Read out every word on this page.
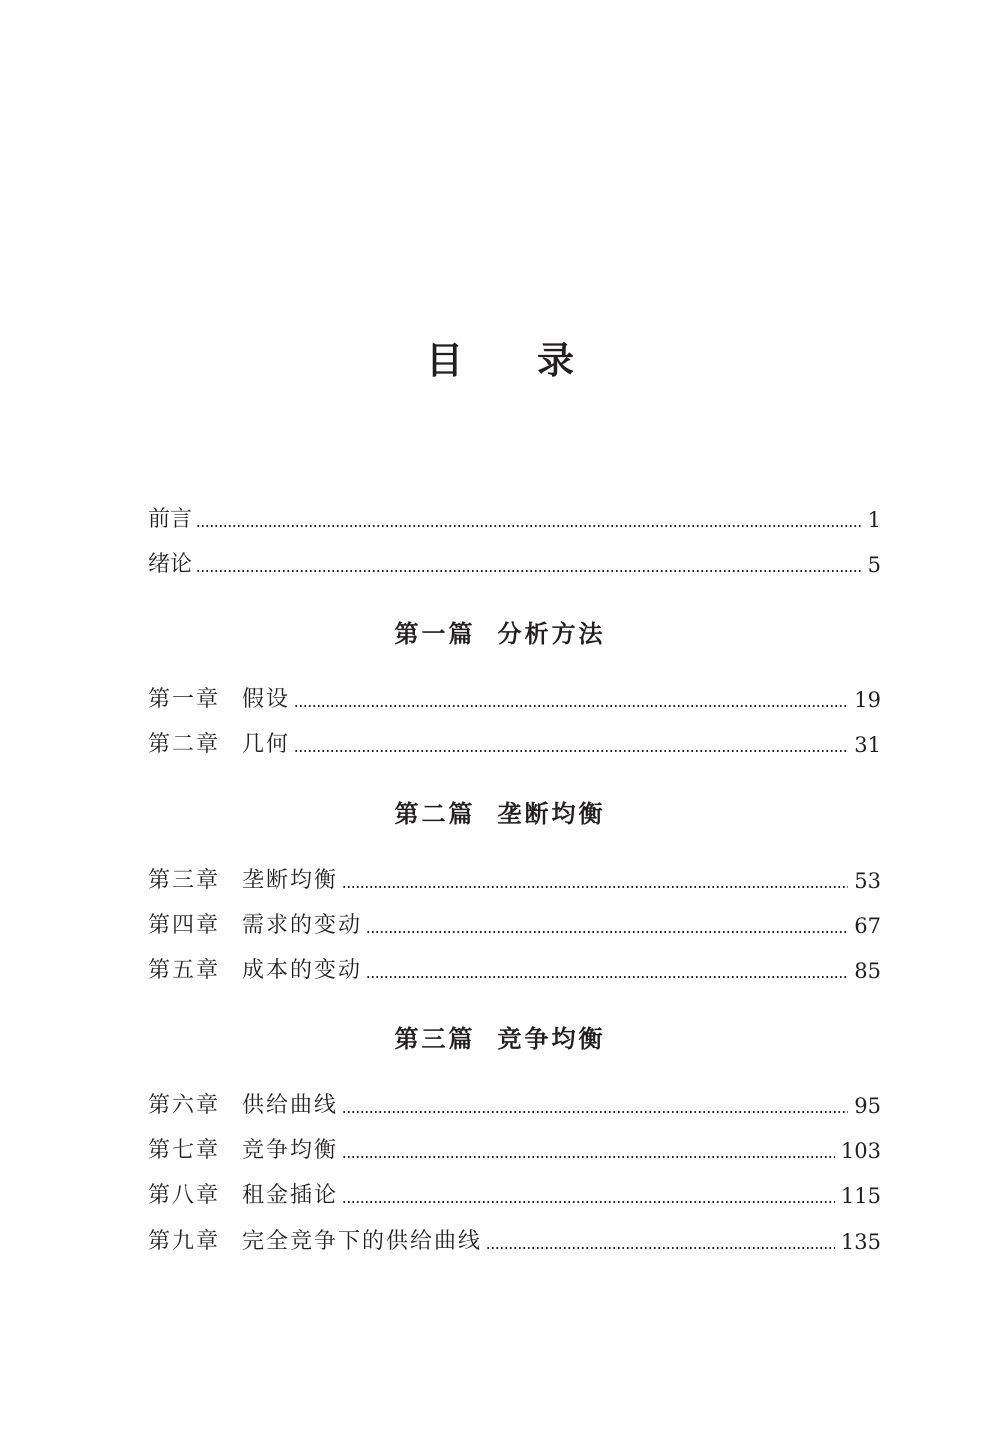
目 录
前言	1
绪论	5
第一篇 分析方法
第一章 假设	19
第二章 几何	31
第二篇 垄断均衡
第三章 垄断均衡	53
第四章 需求的变动	67
第五章 成本的变动	85
第三篇 竞争均衡
第六章 供给曲线	95
第七章 竞争均衡	103
第八章 租金插论	115
第九章 完全竞争下的供给曲线	135
